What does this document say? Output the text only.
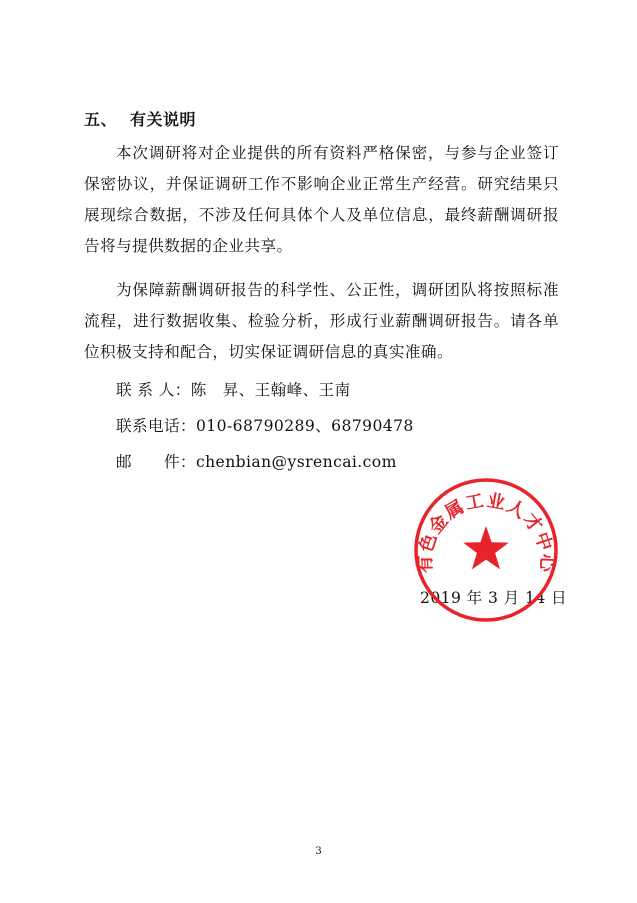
五、 有关说明
本次调研将对企业提供的所有资料严格保密，与参与企业签订保密协议，并保证调研工作不影响企业正常生产经营。研究结果只展现综合数据，不涉及任何具体个人及单位信息，最终薪酬调研报告将与提供数据的企业共享。
为保障薪酬调研报告的科学性、公正性，调研团队将按照标准流程，进行数据收集、检验分析，形成行业薪酬调研报告。请各单位积极支持和配合，切实保证调研信息的真实准确。
联 系 人：陈　昇、王翰峰、王南
联系电话：010-68790289、68790478
邮　　件：chenbian@ysrencai.com
2019 年 3 月 14 日
有色金属工业人才中心
3
